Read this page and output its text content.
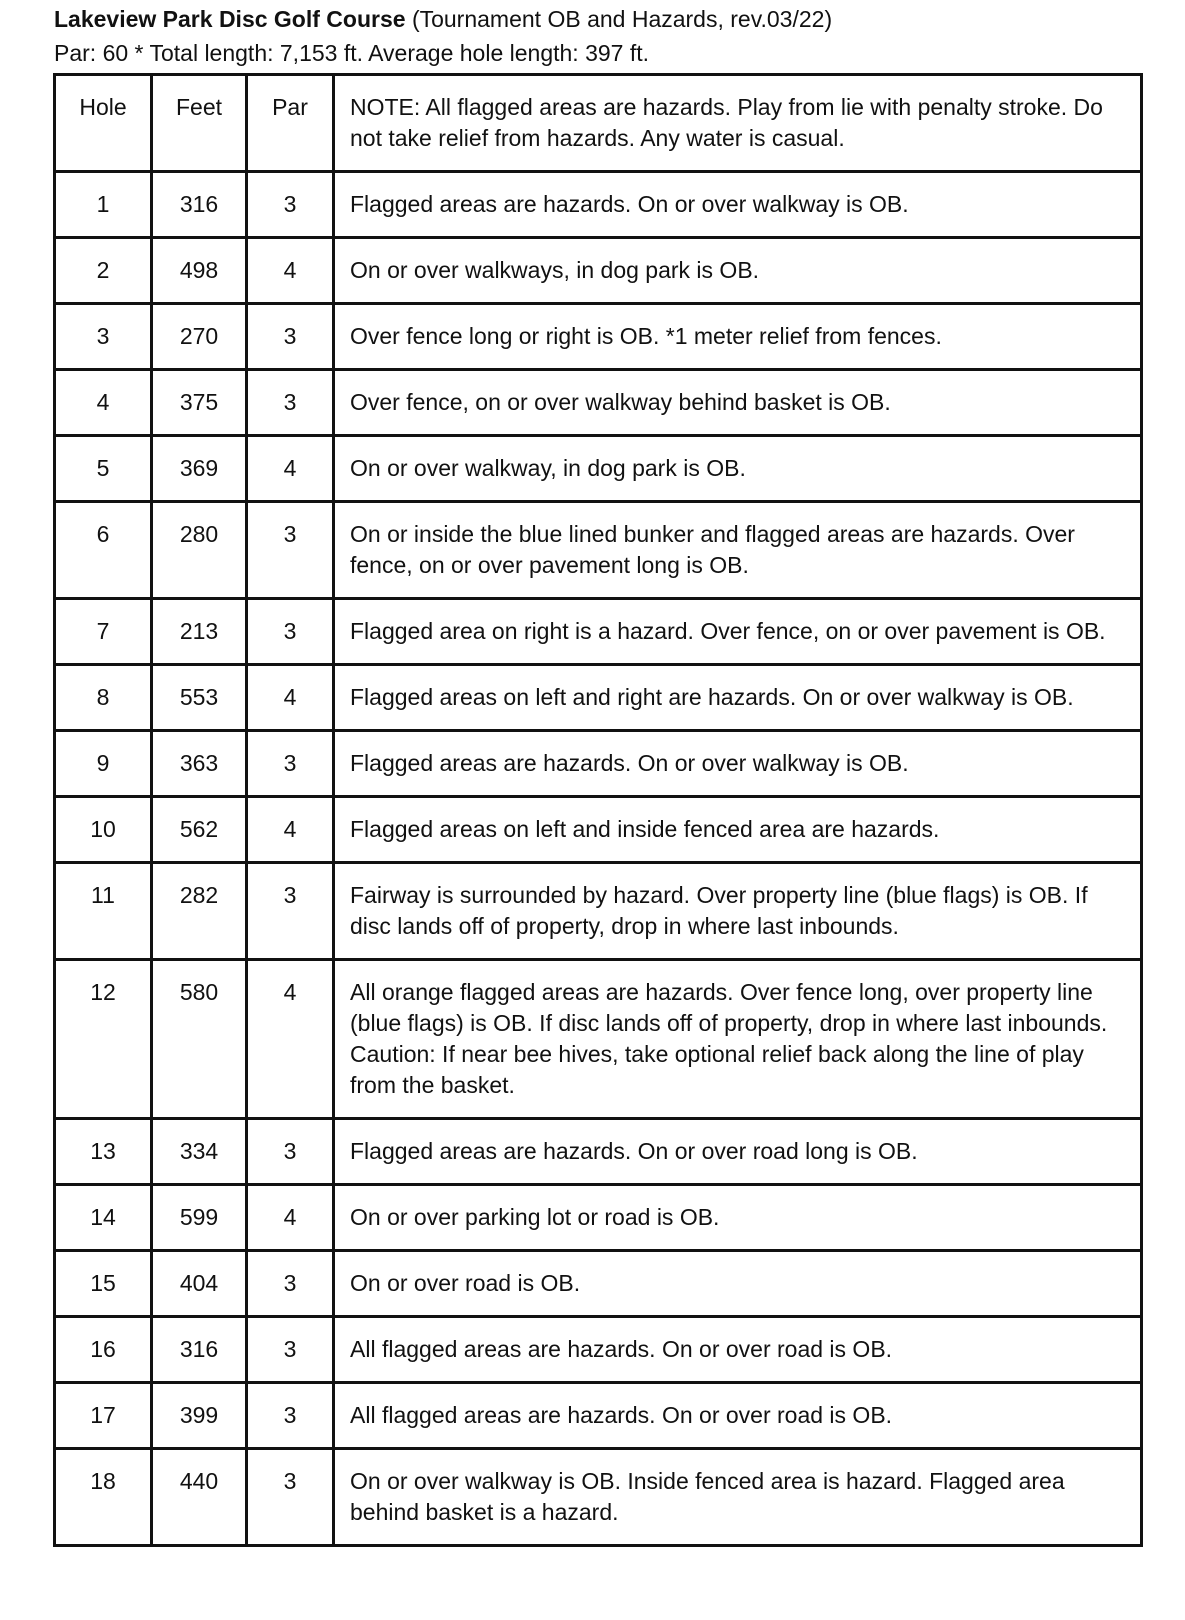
Lakeview Park Disc Golf Course (Tournament OB and Hazards, rev.03/22)
Par: 60 * Total length: 7,153 ft. Average hole length: 397 ft.
Hole	Feet	Par	NOTE: All flagged areas are hazards. Play from lie with penalty stroke. Do not take relief from hazards. Any water is casual.
1	316	3	Flagged areas are hazards. On or over walkway is OB.
2	498	4	On or over walkways, in dog park is OB.
3	270	3	Over fence long or right is OB. *1 meter relief from fences.
4	375	3	Over fence, on or over walkway behind basket is OB.
5	369	4	On or over walkway, in dog park is OB.
6	280	3	On or inside the blue lined bunker and flagged areas are hazards. Over fence, on or over pavement long is OB.
7	213	3	Flagged area on right is a hazard. Over fence, on or over pavement is OB.
8	553	4	Flagged areas on left and right are hazards. On or over walkway is OB.
9	363	3	Flagged areas are hazards. On or over walkway is OB.
10	562	4	Flagged areas on left and inside fenced area are hazards.
11	282	3	Fairway is surrounded by hazard. Over property line (blue flags) is OB. If disc lands off of property, drop in where last inbounds.
12	580	4	All orange flagged areas are hazards. Over fence long, over property line (blue flags) is OB. If disc lands off of property, drop in where last inbounds. Caution: If near bee hives, take optional relief back along the line of play from the basket.
13	334	3	Flagged areas are hazards. On or over road long is OB.
14	599	4	On or over parking lot or road is OB.
15	404	3	On or over road is OB.
16	316	3	All flagged areas are hazards. On or over road is OB.
17	399	3	All flagged areas are hazards. On or over road is OB.
18	440	3	On or over walkway is OB. Inside fenced area is hazard. Flagged area behind basket is a hazard.
